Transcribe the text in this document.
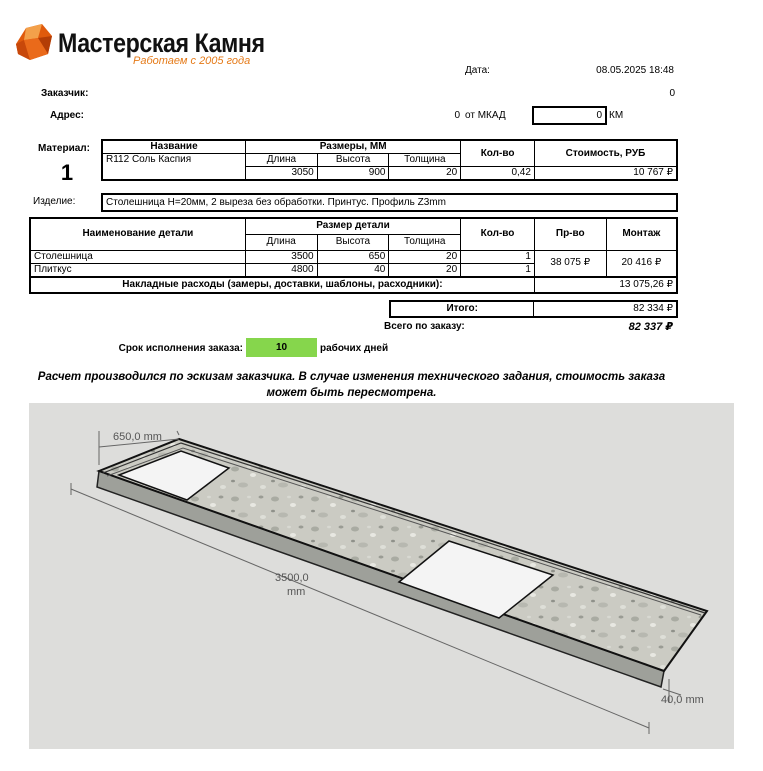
Мастерская Камня
Работаем с 2005 года
Дата:	08.05.2025 18:48
Заказчик:	0
Адрес:	0 от МКАД	0 КМ
Материал:
1
Название	Размеры, ММ			Кол-во	Стоимость, РУБ
R112 Соль Каспия	Длина	Высота	Толщина		
	3050	900	20	0,42	10 767 ₽
Изделие:	Столешница H=20мм, 2 выреза без обработки. Принтус. Профиль Z3mm
Наименование детали	Размер детали			Кол-во	Пр-во	Монтаж
	Длина	Высота	Толщина			
Столешница	3500	650	20	1	38 075 ₽	20 416 ₽
Плиткус	4800	40	20	1		
Накладные расходы (замеры, доставки, шаблоны, расходники):					13 075,26 ₽	
Итого:	82 334 ₽
Всего по заказу:	82 337 ₽
Срок исполнения заказа:	10	рабочих дней
Расчет производился по эскизам заказчика. В случае изменения технического задания, стоимость заказа
может быть пересмотрена.
650,0 mm
3500,0
mm
40,0 mm
